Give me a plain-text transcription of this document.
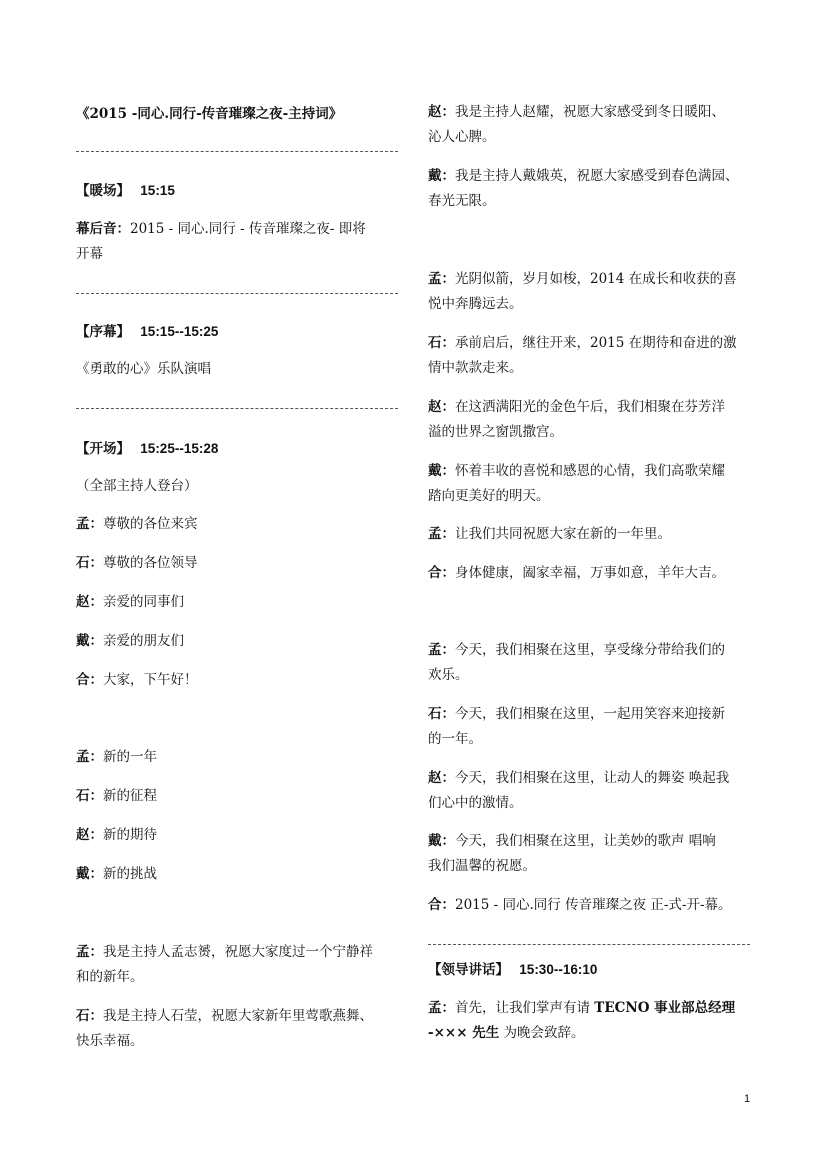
《2015 -同心.同行-传音璀璨之夜-主持词》
【暖场】 15:15
幕后音：2015 - 同心.同行 - 传音璀璨之夜- 即将
开幕
【序幕】 15:15--15:25
《勇敢的心》乐队演唱
【开场】 15:25--15:28
（全部主持人登台）
孟：尊敬的各位来宾
石：尊敬的各位领导
赵：亲爱的同事们
戴：亲爱的朋友们
合：大家，下午好！
孟：新的一年
石：新的征程
赵：新的期待
戴：新的挑战
孟：我是主持人孟志赟，祝愿大家度过一个宁静祥
和的新年。
石：我是主持人石莹，祝愿大家新年里莺歌燕舞、
快乐幸福。
赵：我是主持人赵耀，祝愿大家感受到冬日暖阳、
沁人心脾。
戴：我是主持人戴娥英，祝愿大家感受到春色满园、
春光无限。
孟：光阴似箭，岁月如梭，2014 在成长和收获的喜
悦中奔腾远去。
石：承前启后，继往开来，2015 在期待和奋进的激
情中款款走来。
赵：在这洒满阳光的金色午后，我们相聚在芬芳洋
溢的世界之窗凯撒宫。
戴：怀着丰收的喜悦和感恩的心情，我们高歌荣耀
踏向更美好的明天。
孟：让我们共同祝愿大家在新的一年里。
合：身体健康，阖家幸福，万事如意，羊年大吉。
孟：今天，我们相聚在这里，享受缘分带给我们的
欢乐。
石：今天，我们相聚在这里，一起用笑容来迎接新
的一年。
赵：今天，我们相聚在这里，让动人的舞姿 唤起我
们心中的激情。
戴：今天，我们相聚在这里，让美妙的歌声 唱响
我们温馨的祝愿。
合：2015 - 同心.同行 传音璀璨之夜 正-式-开-幕。
【领导讲话】 15:30--16:10
孟：首先，让我们掌声有请 TECNO 事业部总经理
-××× 先生 为晚会致辞。
1
